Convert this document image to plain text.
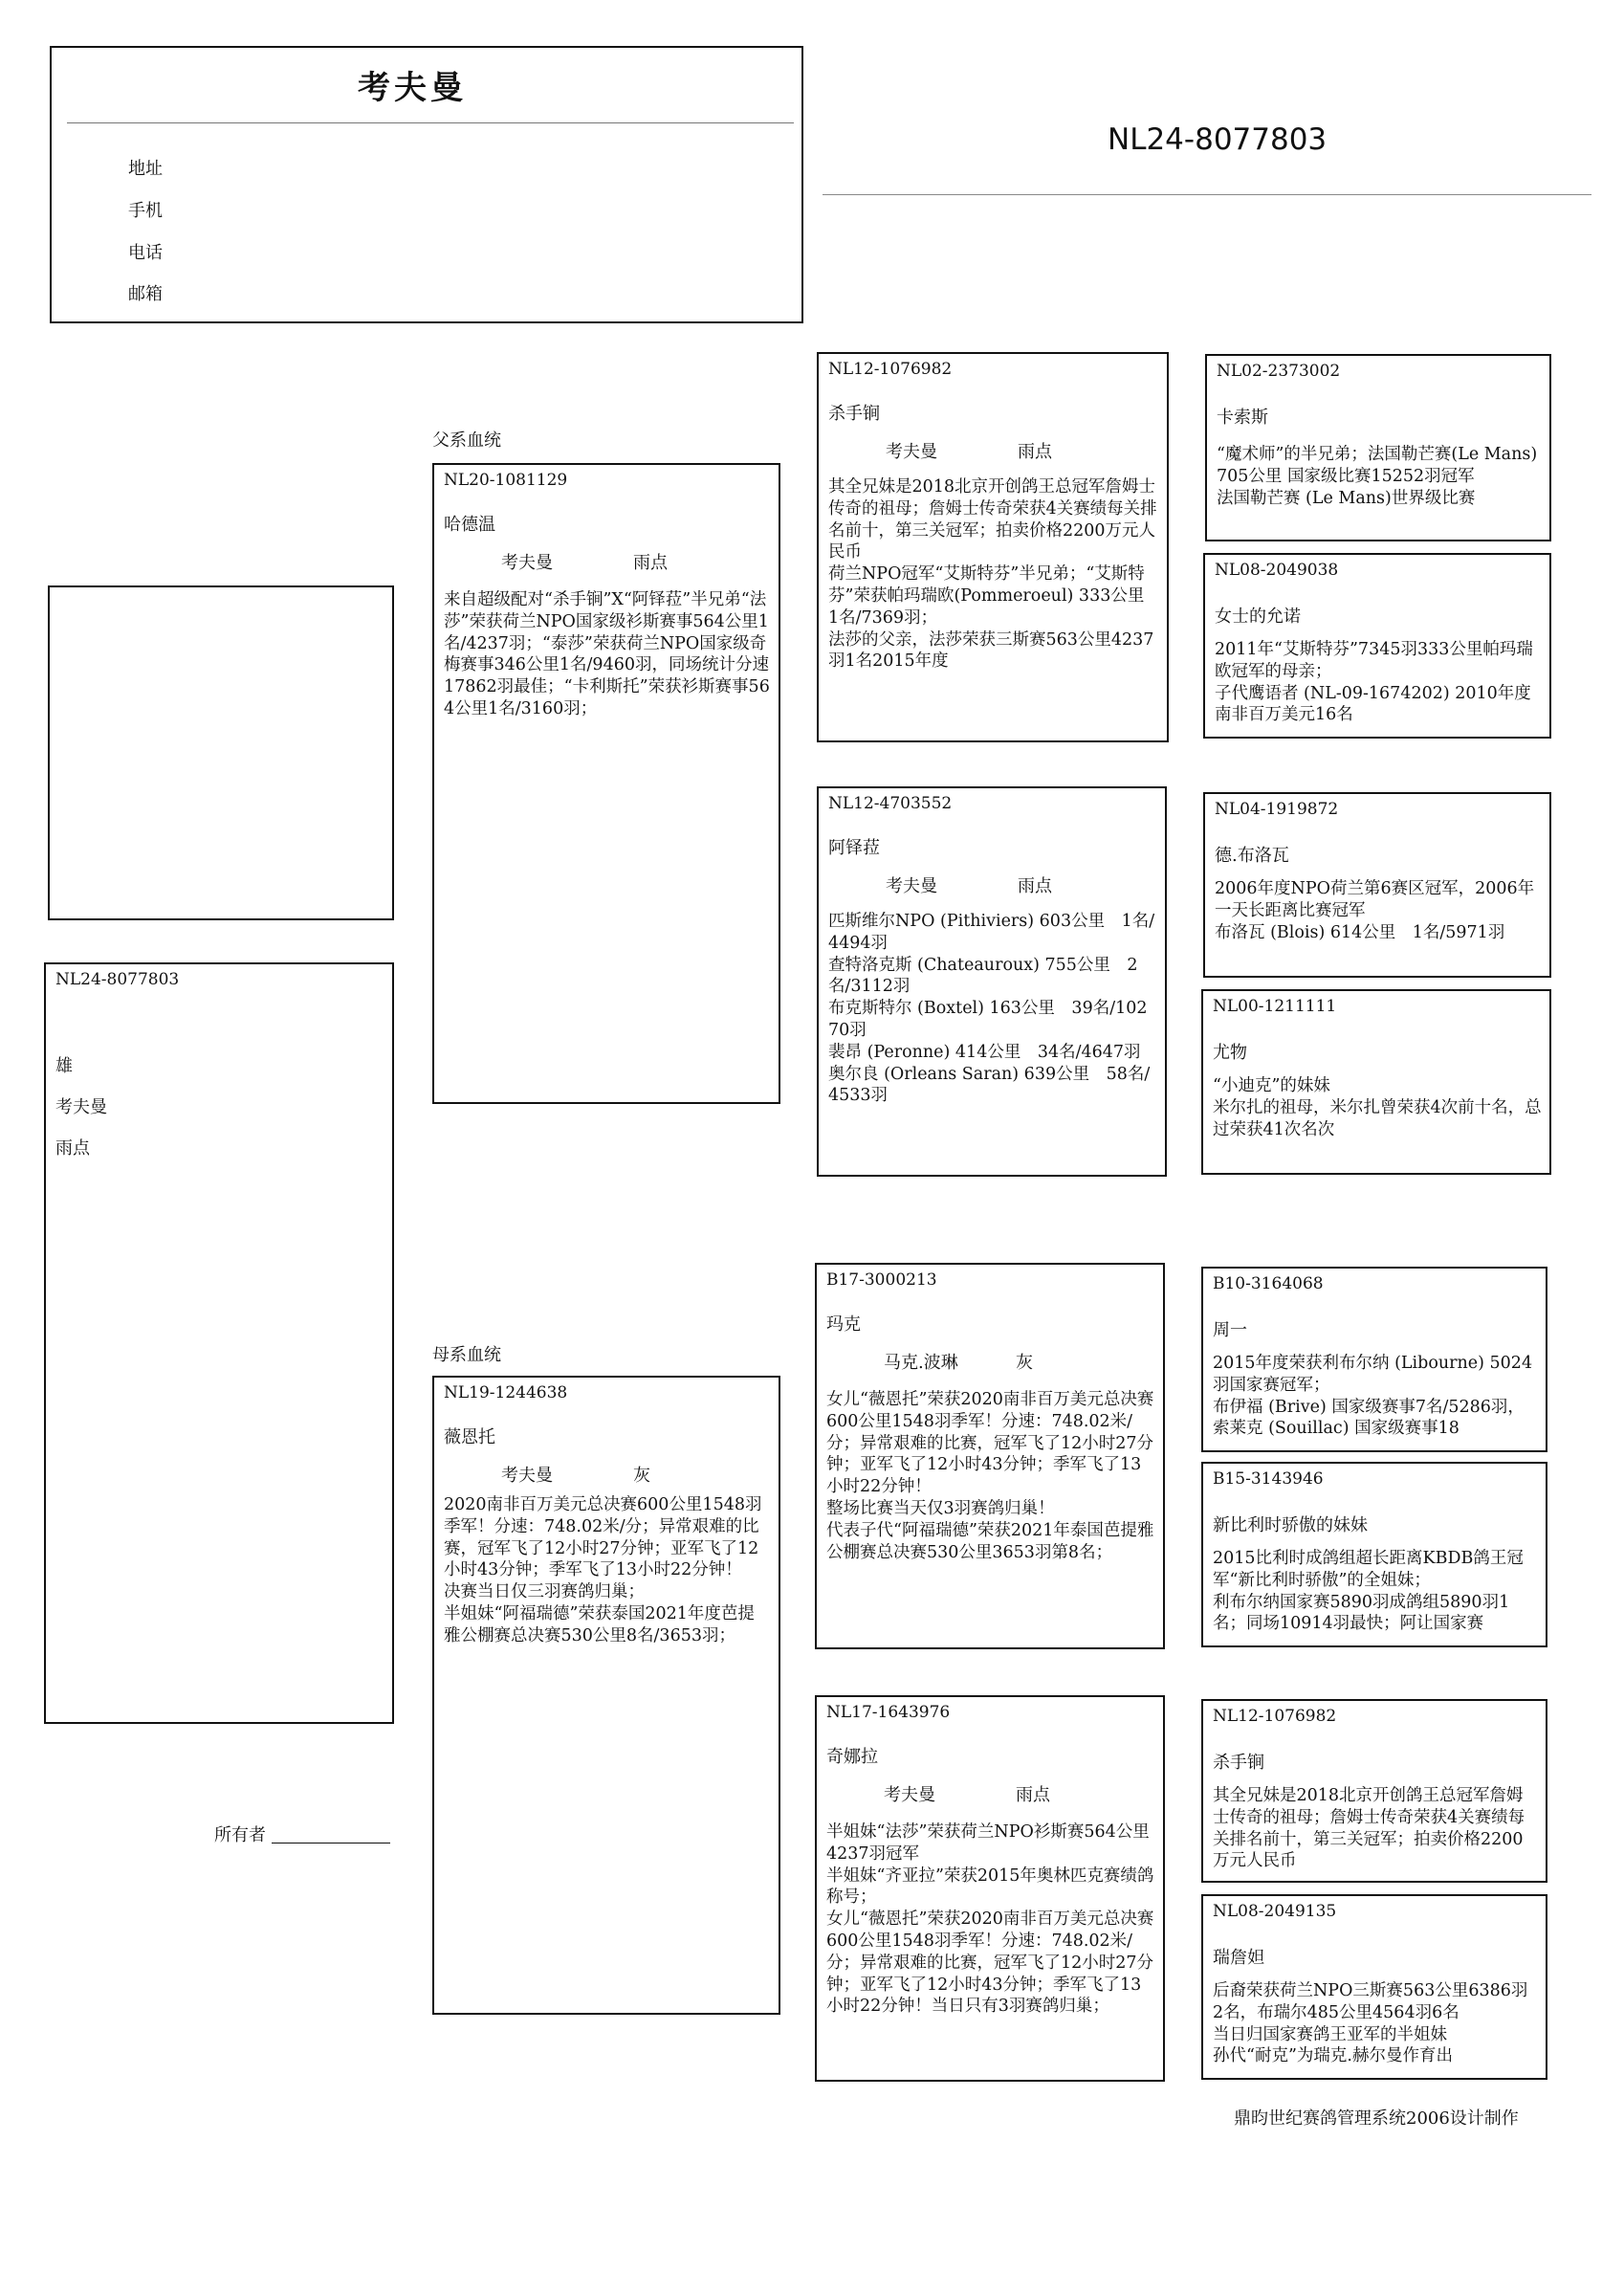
考夫曼
地址
手机
电话
邮箱
NL24-8077803
NL24-8077803
雄
考夫曼
雨点
所有者
父系血统
母系血统
NL20-1081129
哈德温
考夫曼	雨点
来自超级配对“杀手锏”X“阿铎菈”半兄弟“法莎”荣获荷兰NPO国家级衫斯赛事564公里1名/4237羽；“泰莎”荣获荷兰NPO国家级奇梅赛事346公里1名/9460羽，同场统计分速17862羽最佳；“卡利斯托”荣获衫斯赛事564公里1名/3160羽；
NL19-1244638
薇恩托
考夫曼	灰
2020南非百万美元总决赛600公里1548羽季军！分速：748.02米/分；异常艰难的比赛，冠军飞了12小时27分钟；亚军飞了12小时43分钟；季军飞了13小时22分钟！
决赛当日仅三羽赛鸽归巢；
半姐妹“阿福瑞德”荣获泰国2021年度芭提雅公棚赛总决赛530公里8名/3653羽；
NL12-1076982
杀手锏
考夫曼	雨点
其全兄妹是2018北京开创鸽王总冠军詹姆士传奇的祖母；詹姆士传奇荣获4关赛绩每关排名前十，第三关冠军；拍卖价格2200万元人民币
荷兰NPO冠军“艾斯特芬”半兄弟；“艾斯特芬”荣获帕玛瑞欧(Pommeroeul) 333公里　1名/7369羽；
法莎的父亲，法莎荣获三斯赛563公里4237羽1名2015年度
NL12-4703552
阿铎菈
考夫曼	雨点
匹斯维尔NPO (Pithiviers) 603公里　1名/4494羽
查特洛克斯 (Chateauroux) 755公里　2名/3112羽
布克斯特尔 (Boxtel) 163公里　39名/10270羽
裴昂 (Peronne) 414公里　34名/4647羽
奥尔良 (Orleans Saran) 639公里　58名/4533羽
B17-3000213
玛克
马克.波琳	灰
女儿“薇恩托”荣获2020南非百万美元总决赛600公里1548羽季军！分速：748.02米/分；异常艰难的比赛，冠军飞了12小时27分钟；亚军飞了12小时43分钟；季军飞了13小时22分钟！
整场比赛当天仅3羽赛鸽归巢！
代表子代“阿福瑞德”荣获2021年泰国芭提雅公棚赛总决赛530公里3653羽第8名；
NL17-1643976
奇娜拉
考夫曼	雨点
半姐妹“法莎”荣获荷兰NPO衫斯赛564公里4237羽冠军
半姐妹“齐亚拉”荣获2015年奥林匹克赛绩鸽称号；
女儿“薇恩托”荣获2020南非百万美元总决赛600公里1548羽季军！分速：748.02米/分；异常艰难的比赛，冠军飞了12小时27分钟；亚军飞了12小时43分钟；季军飞了13小时22分钟！当日只有3羽赛鸽归巢；
NL02-2373002
卡索斯
“魔术师”的半兄弟；法国勒芒赛(Le Mans)705公里 国家级比赛15252羽冠军
法国勒芒赛 (Le Mans)世界级比赛
NL08-2049038
女士的允诺
2011年“艾斯特芬”7345羽333公里帕玛瑞欧冠军的母亲；
子代鹰语者 (NL-09-1674202) 2010年度南非百万美元16名
NL04-1919872
德.布洛瓦
2006年度NPO荷兰第6赛区冠军，2006年一天长距离比赛冠军
布洛瓦 (Blois) 614公里　1名/5971羽
NL00-1211111
尤物
“小迪克”的妹妹
米尔扎的祖母，米尔扎曾荣获4次前十名，总过荣获41次名次
B10-3164068
周一
2015年度荣获利布尔纳 (Libourne) 5024羽国家赛冠军；
布伊福 (Brive) 国家级赛事7名/5286羽，索莱克 (Souillac) 国家级赛事18
B15-3143946
新比利时骄傲的妹妹
2015比利时成鸽组超长距离KBDB鸽王冠军“新比利时骄傲”的全姐妹；
利布尔纳国家赛5890羽成鸽组5890羽1名；同场10914羽最快；阿让国家赛
NL12-1076982
杀手锏
其全兄妹是2018北京开创鸽王总冠军詹姆士传奇的祖母；詹姆士传奇荣获4关赛绩每关排名前十，第三关冠军；拍卖价格2200万元人民币
NL08-2049135
瑞詹妲
后裔荣获荷兰NPO三斯赛563公里6386羽2名，布瑞尔485公里4564羽6名
当日归国家赛鸽王亚军的半姐妹
孙代“耐克”为瑞克.赫尔曼作育出
鼎昀世纪赛鸽管理系统2006设计制作
